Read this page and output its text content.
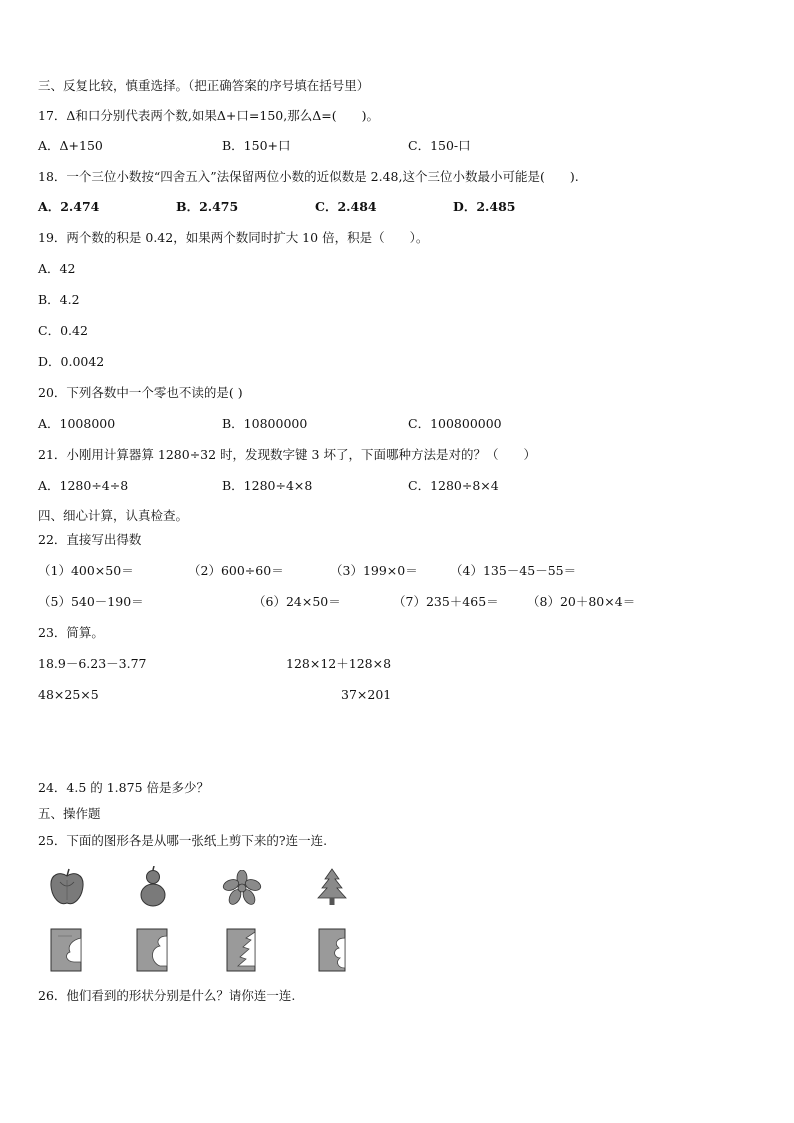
三、反复比较，慎重选择。（把正确答案的序号填在括号里）
17．Δ和口分别代表两个数,如果Δ+口=150,那么Δ=(　　)。
A．Δ+150	B．150+口	C．150-口
18．一个三位小数按“四舍五入”法保留两位小数的近似数是 2.48,这个三位小数最小可能是(　　).
A．2.474	B．2.475	C．2.484	D．2.485
19．两个数的积是 0.42，如果两个数同时扩大 10 倍，积是（　　）。
A．42
B．4.2
C．0.42
D．0.0042
20．下列各数中一个零也不读的是( )
A．1008000	B．10800000	C．100800000
21．小刚用计算器算 1280÷32 时，发现数字键 3 坏了，下面哪种方法是对的？（　　）
A．1280÷4÷8	B．1280÷4×8	C．1280÷8×4
四、细心计算，认真检查。
22．直接写出得数
（1）400×50＝	（2）600÷60＝	（3）199×0＝	（4）135－45－55＝
（5）540－190＝	（6）24×50＝	（7）235＋465＝ （8）20＋80×4＝
23．简算。
18.9－6.23－3.77	128×12＋128×8
48×25×5	37×201
24．4.5 的 1.875 倍是多少？
五、操作题
25．下面的图形各是从哪一张纸上剪下来的?连一连.
26．他们看到的形状分别是什么？请你连一连.
